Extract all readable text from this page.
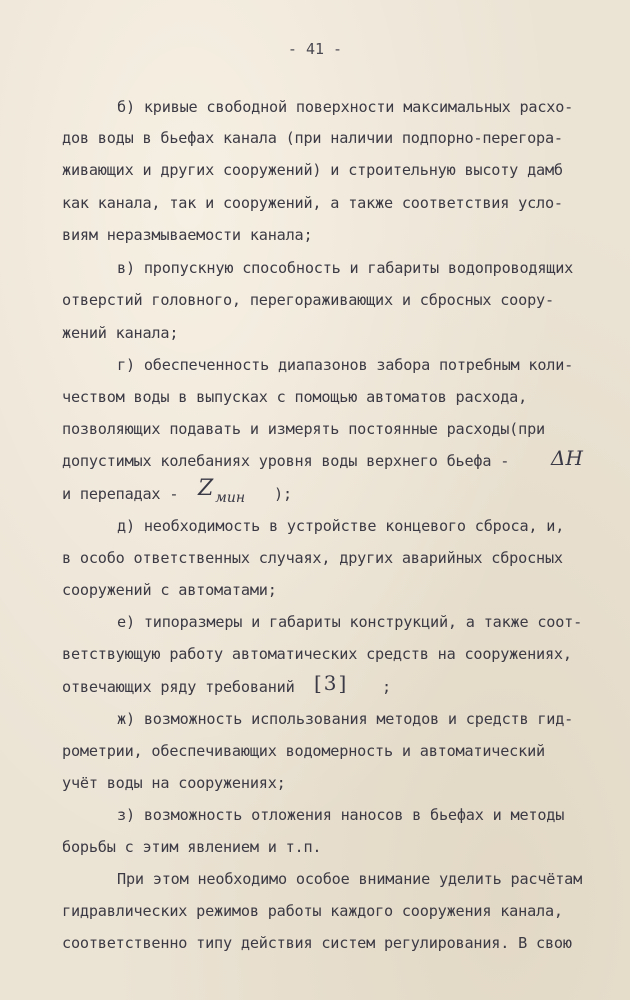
- 41 -
б) кривые свободной поверхности максимальных расхо-
дов воды в бьефах канала (при наличии подпорно-перегора-
живающих и других сооружений) и строительную высоту дамб
как канала, так и сооружений, а также соответствия усло-
виям неразмываемости канала;
в) пропускную способность и габариты водопроводящих
отверстий головного, перегораживающих и сбросных соору-
жений канала;
г) обеспеченность диапазонов забора потребным коли-
чеством воды в выпусках с помощью автоматов расхода,
позволяющих подавать и измерять постоянные расходы(при
допустимых колебаниях уровня воды верхнего бьефа - ΔH
и перепадах - Z $_{мин}$ );
д) необходимость в устройстве концевого сброса, и,
в особо ответственных случаях, других аварийных сбросных
сооружений с автоматами;
е) типоразмеры и габариты конструкций, а также соот-
ветствующую работу автоматических средств на сооружениях,
отвечающих ряду требований [3] ;
ж) возможность использования методов и средств гид-
рометрии, обеспечивающих водомерность и автоматический
учёт воды на сооружениях;
з) возможность отложения наносов в бьефах и методы
борьбы с этим явлением и т.п.
При этом необходимо особое внимание уделить расчётам
гидравлических режимов работы каждого сооружения канала,
соответственно типу действия систем регулирования. В свою
